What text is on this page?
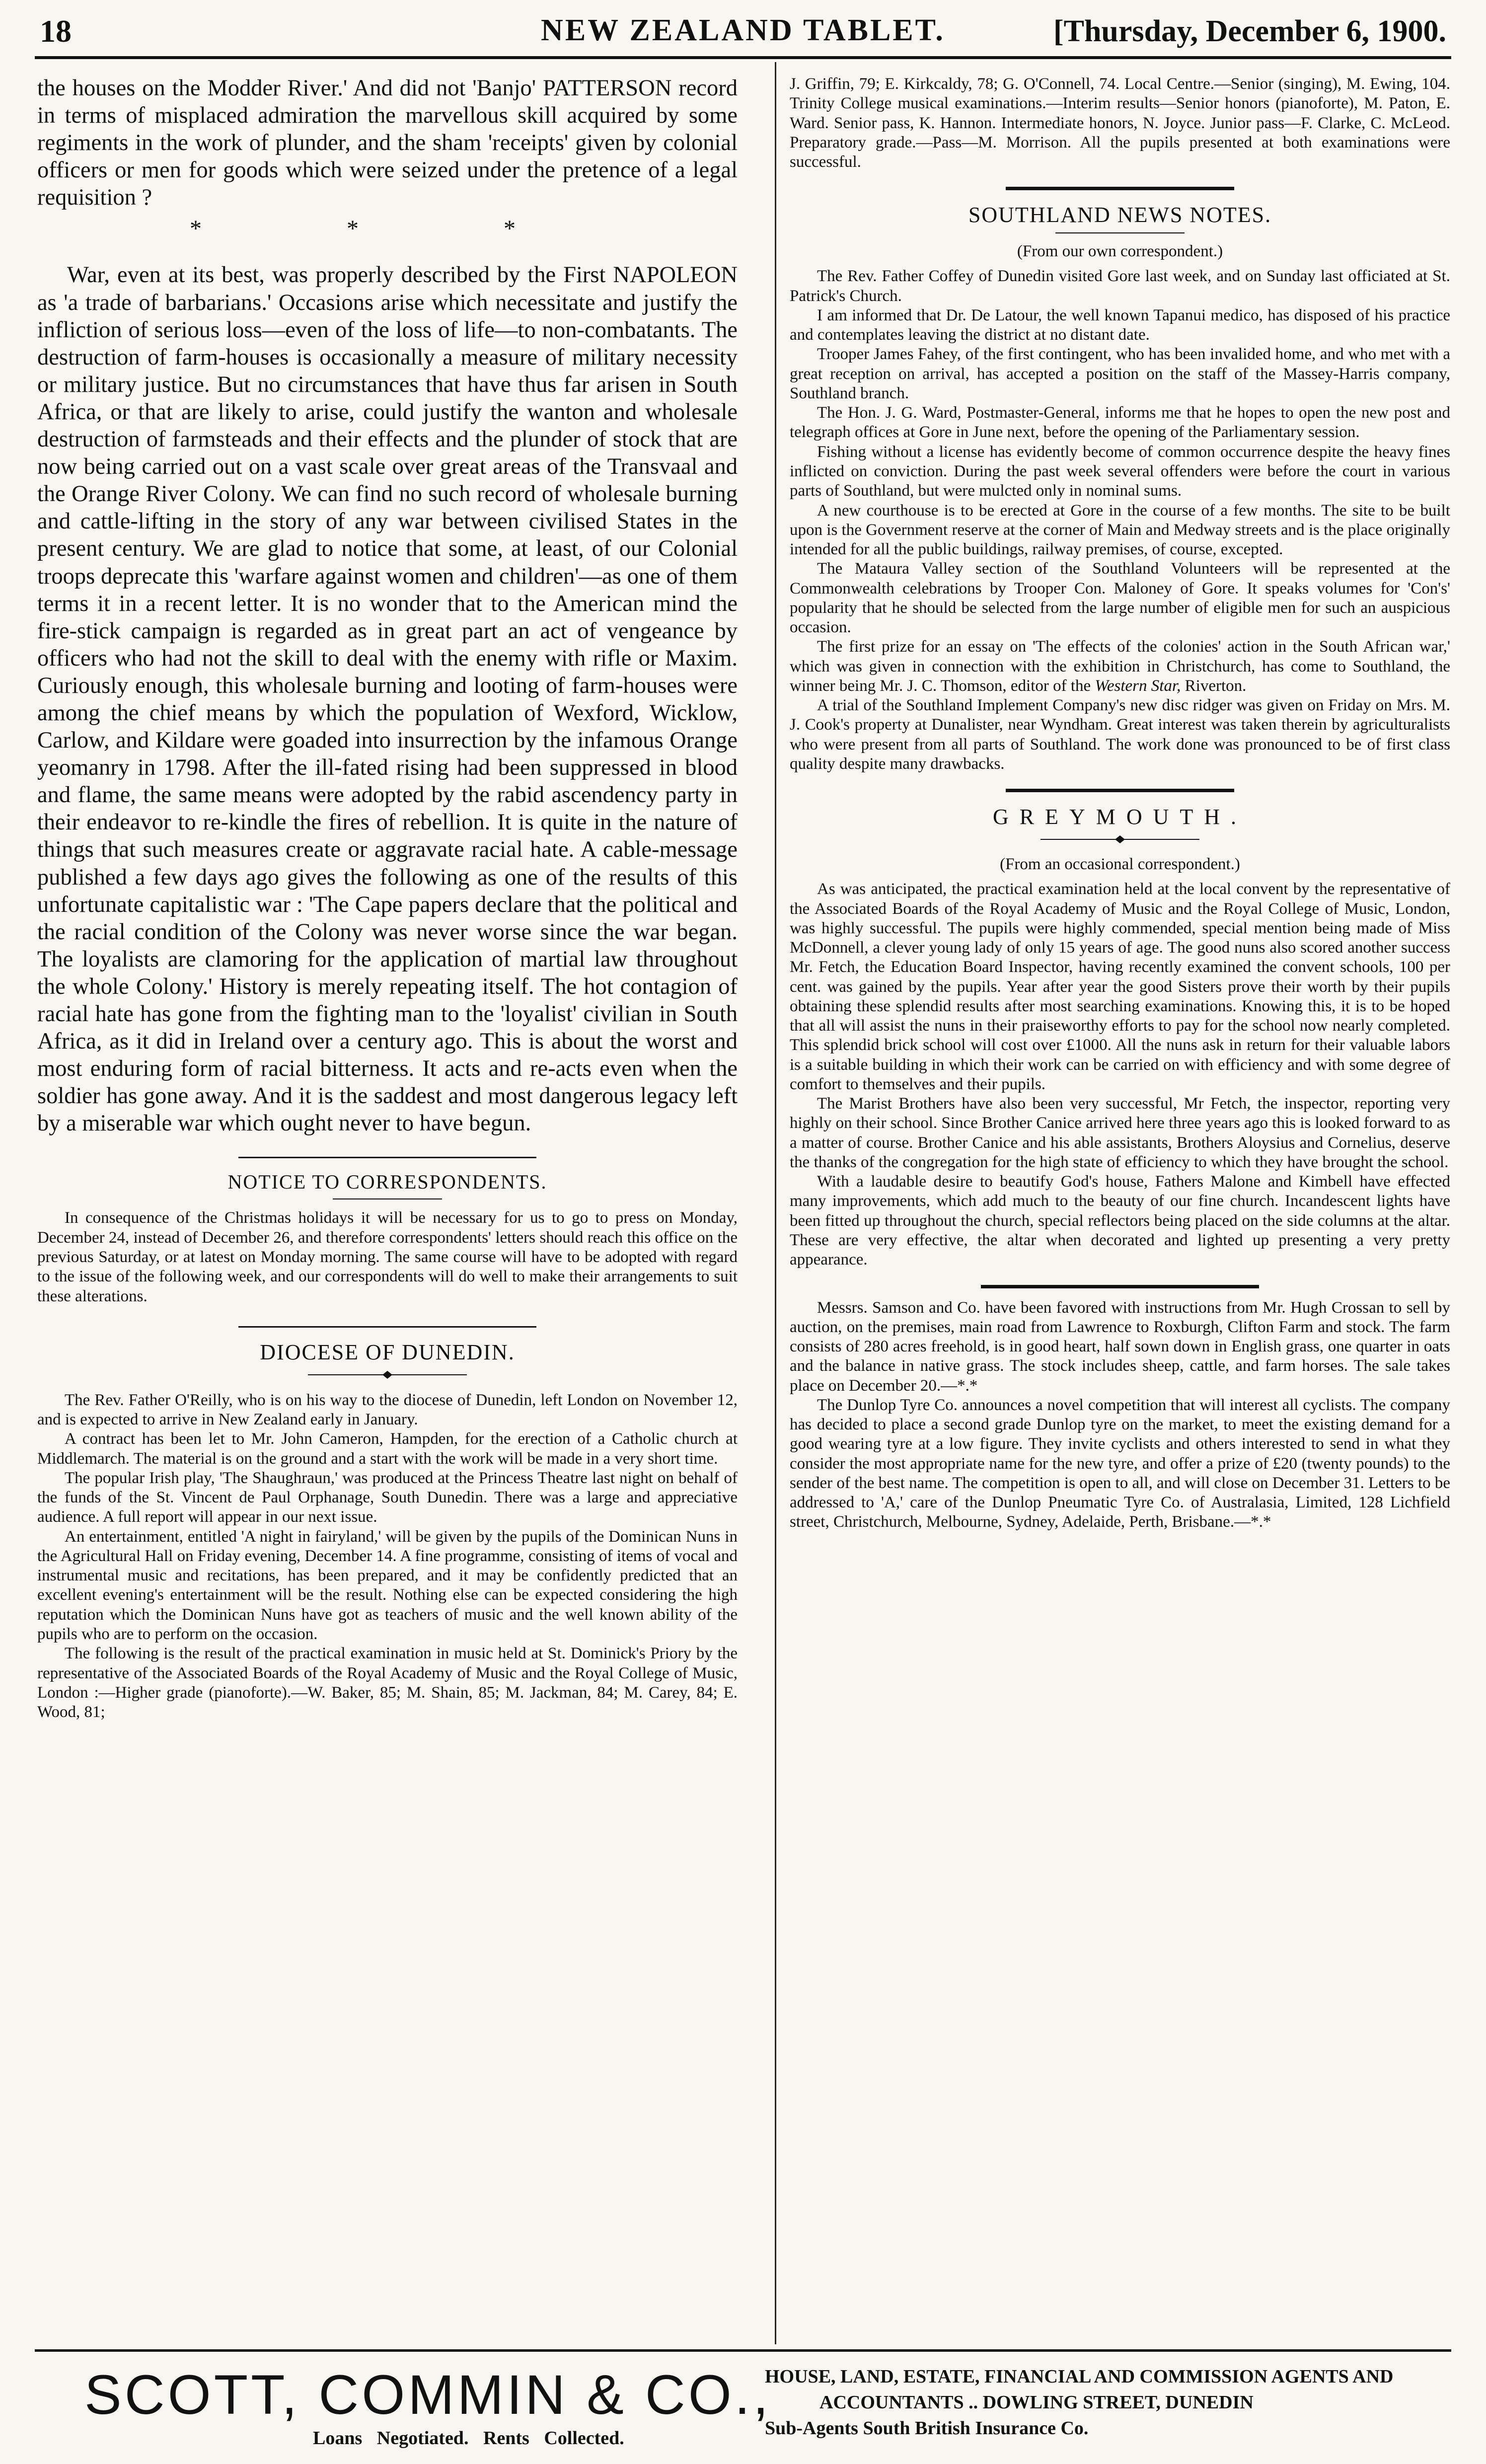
18	NEW ZEALAND TABLET.	[Thursday, December 6, 1900.

the houses on the Modder River.' And did not 'Banjo' PATTERSON record in terms of misplaced admiration the marvellous skill acquired by some regiments in the work of plunder, and the sham 'receipts' given by colonial officers or men for goods which were seized under the pretence of a legal requisition ?

* * *

War, even at its best, was properly described by the First NAPOLEON as 'a trade of barbarians.' Occasions arise which necessitate and justify the infliction of serious loss—even of the loss of life—to non-combatants. The destruction of farm-houses is occasionally a measure of military necessity or military justice. But no circumstances that have thus far arisen in South Africa, or that are likely to arise, could justify the wanton and wholesale destruction of farmsteads and their effects and the plunder of stock that are now being carried out on a vast scale over great areas of the Transvaal and the Orange River Colony. We can find no such record of wholesale burning and cattle-lifting in the story of any war between civilised States in the present century. We are glad to notice that some, at least, of our Colonial troops deprecate this 'warfare against women and children'—as one of them terms it in a recent letter. It is no wonder that to the American mind the fire-stick campaign is regarded as in great part an act of vengeance by officers who had not the skill to deal with the enemy with rifle or Maxim. Curiously enough, this wholesale burning and looting of farm-houses were among the chief means by which the population of Wexford, Wicklow, Carlow, and Kildare were goaded into insurrection by the infamous Orange yeomanry in 1798. After the ill-fated rising had been suppressed in blood and flame, the same means were adopted by the rabid ascendency party in their endeavor to re-kindle the fires of rebellion. It is quite in the nature of things that such measures create or aggravate racial hate. A cable-message published a few days ago gives the following as one of the results of this unfortunate capitalistic war : 'The Cape papers declare that the political and the racial condition of the Colony was never worse since the war began. The loyalists are clamoring for the application of martial law throughout the whole Colony.' History is merely repeating itself. The hot contagion of racial hate has gone from the fighting man to the 'loyalist' civilian in South Africa, as it did in Ireland over a century ago. This is about the worst and most enduring form of racial bitterness. It acts and re-acts even when the soldier has gone away. And it is the saddest and most dangerous legacy left by a miserable war which ought never to have begun.

NOTICE TO CORRESPONDENTS.

In consequence of the Christmas holidays it will be necessary for us to go to press on Monday, December 24, instead of December 26, and therefore correspondents' letters should reach this office on the previous Saturday, or at latest on Monday morning. The same course will have to be adopted with regard to the issue of the following week, and our correspondents will do well to make their arrangements to suit these alterations.

DIOCESE OF DUNEDIN.

The Rev. Father O'Reilly, who is on his way to the diocese of Dunedin, left London on November 12, and is expected to arrive in New Zealand early in January.

A contract has been let to Mr. John Cameron, Hampden, for the erection of a Catholic church at Middlemarch. The material is on the ground and a start with the work will be made in a very short time.

The popular Irish play, 'The Shaughraun,' was produced at the Princess Theatre last night on behalf of the funds of the St. Vincent de Paul Orphanage, South Dunedin. There was a large and appreciative audience. A full report will appear in our next issue.

An entertainment, entitled 'A night in fairyland,' will be given by the pupils of the Dominican Nuns in the Agricultural Hall on Friday evening, December 14. A fine programme, consisting of items of vocal and instrumental music and recitations, has been prepared, and it may be confidently predicted that an excellent evening's entertainment will be the result. Nothing else can be expected considering the high reputation which the Dominican Nuns have got as teachers of music and the well known ability of the pupils who are to perform on the occasion.

The following is the result of the practical examination in music held at St. Dominick's Priory by the representative of the Associated Boards of the Royal Academy of Music and the Royal College of Music, London :—Higher grade (pianoforte).—W. Baker, 85; M. Shain, 85; M. Jackman, 84; M. Carey, 84; E. Wood, 81;

J. Griffin, 79; E. Kirkcaldy, 78; G. O'Connell, 74. Local Centre.—Senior (singing), M. Ewing, 104. Trinity College musical examinations.—Interim results—Senior honors (pianoforte), M. Paton, E. Ward. Senior pass, K. Hannon. Intermediate honors, N. Joyce. Junior pass—F. Clarke, C. McLeod. Preparatory grade.—Pass—M. Morrison. All the pupils presented at both examinations were successful.

SOUTHLAND NEWS NOTES.
(From our own correspondent.)

The Rev. Father Coffey of Dunedin visited Gore last week, and on Sunday last officiated at St. Patrick's Church.

I am informed that Dr. De Latour, the well known Tapanui medico, has disposed of his practice and contemplates leaving the district at no distant date.

Trooper James Fahey, of the first contingent, who has been invalided home, and who met with a great reception on arrival, has accepted a position on the staff of the Massey-Harris company, Southland branch.

The Hon. J. G. Ward, Postmaster-General, informs me that he hopes to open the new post and telegraph offices at Gore in June next, before the opening of the Parliamentary session.

Fishing without a license has evidently become of common occurrence despite the heavy fines inflicted on conviction. During the past week several offenders were before the court in various parts of Southland, but were mulcted only in nominal sums.

A new courthouse is to be erected at Gore in the course of a few months. The site to be built upon is the Government reserve at the corner of Main and Medway streets and is the place originally intended for all the public buildings, railway premises, of course, excepted.

The Mataura Valley section of the Southland Volunteers will be represented at the Commonwealth celebrations by Trooper Con. Maloney of Gore. It speaks volumes for 'Con's' popularity that he should be selected from the large number of eligible men for such an auspicious occasion.

The first prize for an essay on 'The effects of the colonies' action in the South African war,' which was given in connection with the exhibition in Christchurch, has come to Southland, the winner being Mr. J. C. Thomson, editor of the Western Star, Riverton.

A trial of the Southland Implement Company's new disc ridger was given on Friday on Mrs. M. J. Cook's property at Dunalister, near Wyndham. Great interest was taken therein by agriculturalists who were present from all parts of Southland. The work done was pronounced to be of first class quality despite many drawbacks.

GREYMOUTH.
(From an occasional correspondent.)

As was anticipated, the practical examination held at the local convent by the representative of the Associated Boards of the Royal Academy of Music and the Royal College of Music, London, was highly successful. The pupils were highly commended, special mention being made of Miss McDonnell, a clever young lady of only 15 years of age. The good nuns also scored another success Mr. Fetch, the Education Board Inspector, having recently examined the convent schools, 100 per cent. was gained by the pupils. Year after year the good Sisters prove their worth by their pupils obtaining these splendid results after most searching examinations. Knowing this, it is to be hoped that all will assist the nuns in their praiseworthy efforts to pay for the school now nearly completed. This splendid brick school will cost over £1000. All the nuns ask in return for their valuable labors is a suitable building in which their work can be carried on with efficiency and with some degree of comfort to themselves and their pupils.

The Marist Brothers have also been very successful, Mr Fetch, the inspector, reporting very highly on their school. Since Brother Canice arrived here three years ago this is looked forward to as a matter of course. Brother Canice and his able assistants, Brothers Aloysius and Cornelius, deserve the thanks of the congregation for the high state of efficiency to which they have brought the school.

With a laudable desire to beautify God's house, Fathers Malone and Kimbell have effected many improvements, which add much to the beauty of our fine church. Incandescent lights have been fitted up throughout the church, special reflectors being placed on the side columns at the altar. These are very effective, the altar when decorated and lighted up presenting a very pretty appearance.

Messrs. Samson and Co. have been favored with instructions from Mr. Hugh Crossan to sell by auction, on the premises, main road from Lawrence to Roxburgh, Clifton Farm and stock. The farm consists of 280 acres freehold, is in good heart, half sown down in English grass, one quarter in oats and the balance in native grass. The stock includes sheep, cattle, and farm horses. The sale takes place on December 20.—*.*

The Dunlop Tyre Co. announces a novel competition that will interest all cyclists. The company has decided to place a second grade Dunlop tyre on the market, to meet the existing demand for a good wearing tyre at a low figure. They invite cyclists and others interested to send in what they consider the most appropriate name for the new tyre, and offer a prize of £20 (twenty pounds) to the sender of the best name. The competition is open to all, and will close on December 31. Letters to be addressed to 'A,' care of the Dunlop Pneumatic Tyre Co. of Australasia, Limited, 128 Lichfield street, Christchurch, Melbourne, Sydney, Adelaide, Perth, Brisbane.—*.*

SCOTT, COMMIN & CO.,
Loans Negotiated. Rents Collected.
HOUSE, LAND, ESTATE, FINANCIAL AND COMMISSION AGENTS AND
ACCOUNTANTS .. DOWLING STREET, DUNEDIN
Sub-Agents South British Insurance Co.
